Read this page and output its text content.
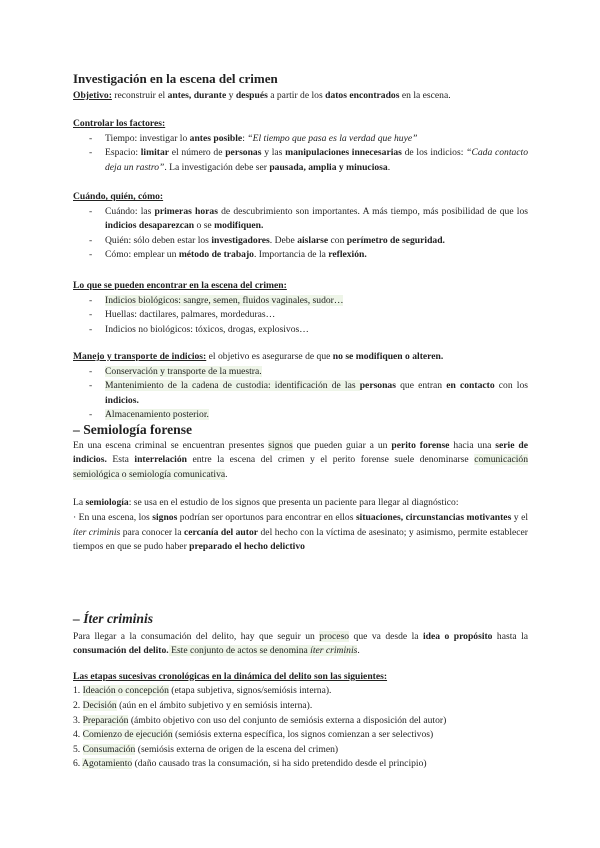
Investigación en la escena del crimen

Objetivo: reconstruir el antes, durante y después a partir de los datos encontrados en la escena.

Controlar los factores:

- Tiempo: investigar lo antes posible: “El tiempo que pasa es la verdad que huye”
- Espacio: limitar el número de personas y las manipulaciones innecesarias de los indicios: “Cada contacto deja un rastro”. La investigación debe ser pausada, amplia y minuciosa.

Cuándo, quién, cómo:

- Cuándo: las primeras horas de descubrimiento son importantes. A más tiempo, más posibilidad de que los indicios desaparezcan o se modifiquen.
- Quién: sólo deben estar los investigadores. Debe aislarse con perímetro de seguridad.
- Cómo: emplear un método de trabajo. Importancia de la reflexión.

Lo que se pueden encontrar en la escena del crimen:

- Indicios biológicos: sangre, semen, fluidos vaginales, sudor…
- Huellas: dactilares, palmares, mordeduras…
- Indicios no biológicos: tóxicos, drogas, explosivos…

Manejo y transporte de indicios: el objetivo es asegurarse de que no se modifiquen o alteren.

- Conservación y transporte de la muestra.
- Mantenimiento de la cadena de custodia: identificación de las personas que entran en contacto con los indicios.
- Almacenamiento posterior.

– Semiología forense

En una escena criminal se encuentran presentes signos que pueden guiar a un perito forense hacia una serie de indicios. Esta interrelación entre la escena del crimen y el perito forense suele denominarse comunicación semiológica o semiología comunicativa.

La semiología: se usa en el estudio de los signos que presenta un paciente para llegar al diagnóstico:

· En una escena, los signos podrían ser oportunos para encontrar en ellos situaciones, circunstancias motivantes y el íter criminis para conocer la cercanía del autor del hecho con la víctima de asesinato; y asimismo, permite establecer tiempos en que se pudo haber preparado el hecho delictivo

– Íter criminis

Para llegar a la consumación del delito, hay que seguir un proceso que va desde la idea o propósito hasta la consumación del delito. Este conjunto de actos se denomina íter criminis.

Las etapas sucesivas cronológicas en la dinámica del delito son las siguientes:

1. Ideación o concepción (etapa subjetiva, signos/semiósis interna).

2. Decisión (aún en el ámbito subjetivo y en semiósis interna).

3. Preparación (ámbito objetivo con uso del conjunto de semiósis externa a disposición del autor)

4. Comienzo de ejecución (semiósis externa específica, los signos comienzan a ser selectivos)

5. Consumación (semiósis externa de origen de la escena del crimen)

6. Agotamiento (daño causado tras la consumación, si ha sido pretendido desde el principio)
